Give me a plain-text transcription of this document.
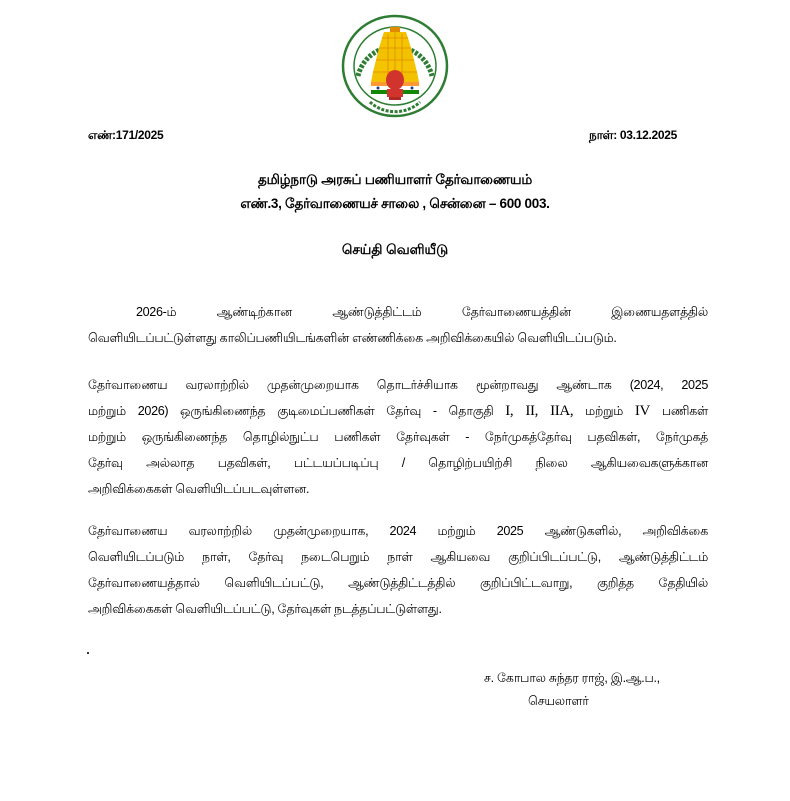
எண்:171/2025	நாள்: 03.12.2025
தமிழ்நாடு அரசுப் பணியாளர் தேர்வாணையம்
எண்.3, தேர்வாணையச் சாலை , சென்னை – 600 003.
செய்தி வெளியீடு
2026-ம் ஆண்டிற்கான ஆண்டுத்திட்டம் தேர்வாணையத்தின் இணையதளத்தில்
வெளியிடப்பட்டுள்ளது காலிப்பணியிடங்களின் எண்ணிக்கை அறிவிக்கையில் வெளியிடப்படும்.
தேர்வாணைய வரலாற்றில் முதன்முறையாக தொடர்ச்சியாக மூன்றாவது ஆண்டாக (2024, 2025
மற்றும் 2026) ஒருங்கிணைந்த குடிமைப்பணிகள் தேர்வு - தொகுதி I, II, IIA, மற்றும் IV பணிகள்
மற்றும் ஒருங்கிணைந்த தொழில்நுட்ப பணிகள் தேர்வுகள் - நேர்முகத்தேர்வு பதவிகள், நேர்முகத்
தேர்வு அல்லாத பதவிகள், பட்டயப்படிப்பு / தொழிற்பயிற்சி நிலை ஆகியவைகளுக்கான
அறிவிக்கைகள் வெளியிடப்படவுள்ளன.
தேர்வாணைய வரலாற்றில் முதன்முறையாக, 2024 மற்றும் 2025 ஆண்டுகளில், அறிவிக்கை
வெளியிடப்படும் நாள், தேர்வு நடைபெறும் நாள் ஆகியவை குறிப்பிடப்பட்டு, ஆண்டுத்திட்டம்
தேர்வாணையத்தால் வெளியிடப்பட்டு, ஆண்டுத்திட்டத்தில் குறிப்பிட்டவாறு, குறித்த தேதியில்
அறிவிக்கைகள் வெளியிடப்பட்டு, தேர்வுகள் நடத்தப்பட்டுள்ளது.
ச. கோபால சுந்தர ராஜ், இ.ஆ.ப.,
செயலாளர்
